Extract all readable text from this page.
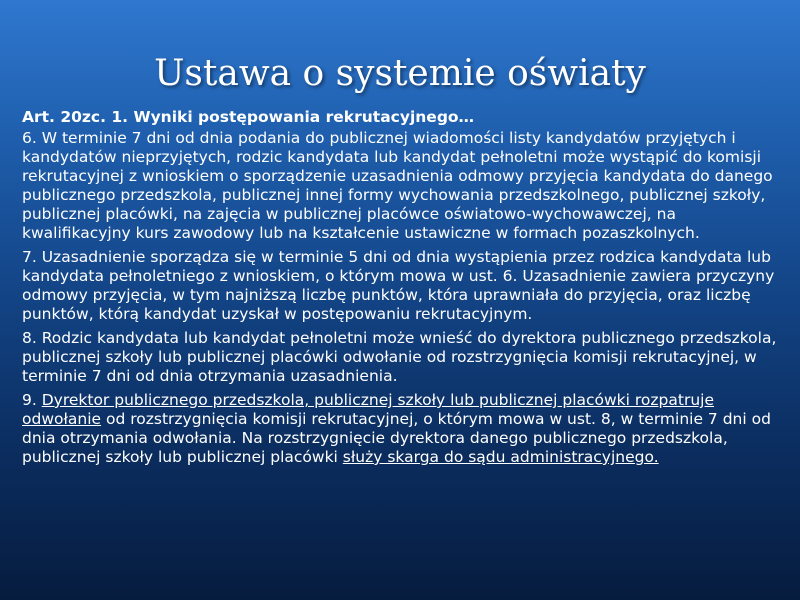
Ustawa o systemie oświaty

Art. 20zc. 1. Wyniki postępowania rekrutacyjnego…

6. W terminie 7 dni od dnia podania do publicznej wiadomości listy kandydatów przyjętych i kandydatów nieprzyjętych, rodzic kandydata lub kandydat pełnoletni może wystąpić do komisji rekrutacyjnej z wnioskiem o sporządzenie uzasadnienia odmowy przyjęcia kandydata do danego publicznego przedszkola, publicznej innej formy wychowania przedszkolnego, publicznej szkoły, publicznej placówki, na zajęcia w publicznej placówce oświatowo-wychowawczej, na kwalifikacyjny kurs zawodowy lub na kształcenie ustawiczne w formach pozaszkolnych.

7. Uzasadnienie sporządza się w terminie 5 dni od dnia wystąpienia przez rodzica kandydata lub kandydata pełnoletniego z wnioskiem, o którym mowa w ust. 6. Uzasadnienie zawiera przyczyny odmowy przyjęcia, w tym najniższą liczbę punktów, która uprawniała do przyjęcia, oraz liczbę punktów, którą kandydat uzyskał w postępowaniu rekrutacyjnym.

8. Rodzic kandydata lub kandydat pełnoletni może wnieść do dyrektora publicznego przedszkola, publicznej szkoły lub publicznej placówki odwołanie od rozstrzygnięcia komisji rekrutacyjnej, w terminie 7 dni od dnia otrzymania uzasadnienia.

9. Dyrektor publicznego przedszkola, publicznej szkoły lub publicznej placówki rozpatruje odwołanie od rozstrzygnięcia komisji rekrutacyjnej, o którym mowa w ust. 8, w terminie 7 dni od dnia otrzymania odwołania. Na rozstrzygnięcie dyrektora danego publicznego przedszkola, publicznej szkoły lub publicznej placówki służy skarga do sądu administracyjnego.
